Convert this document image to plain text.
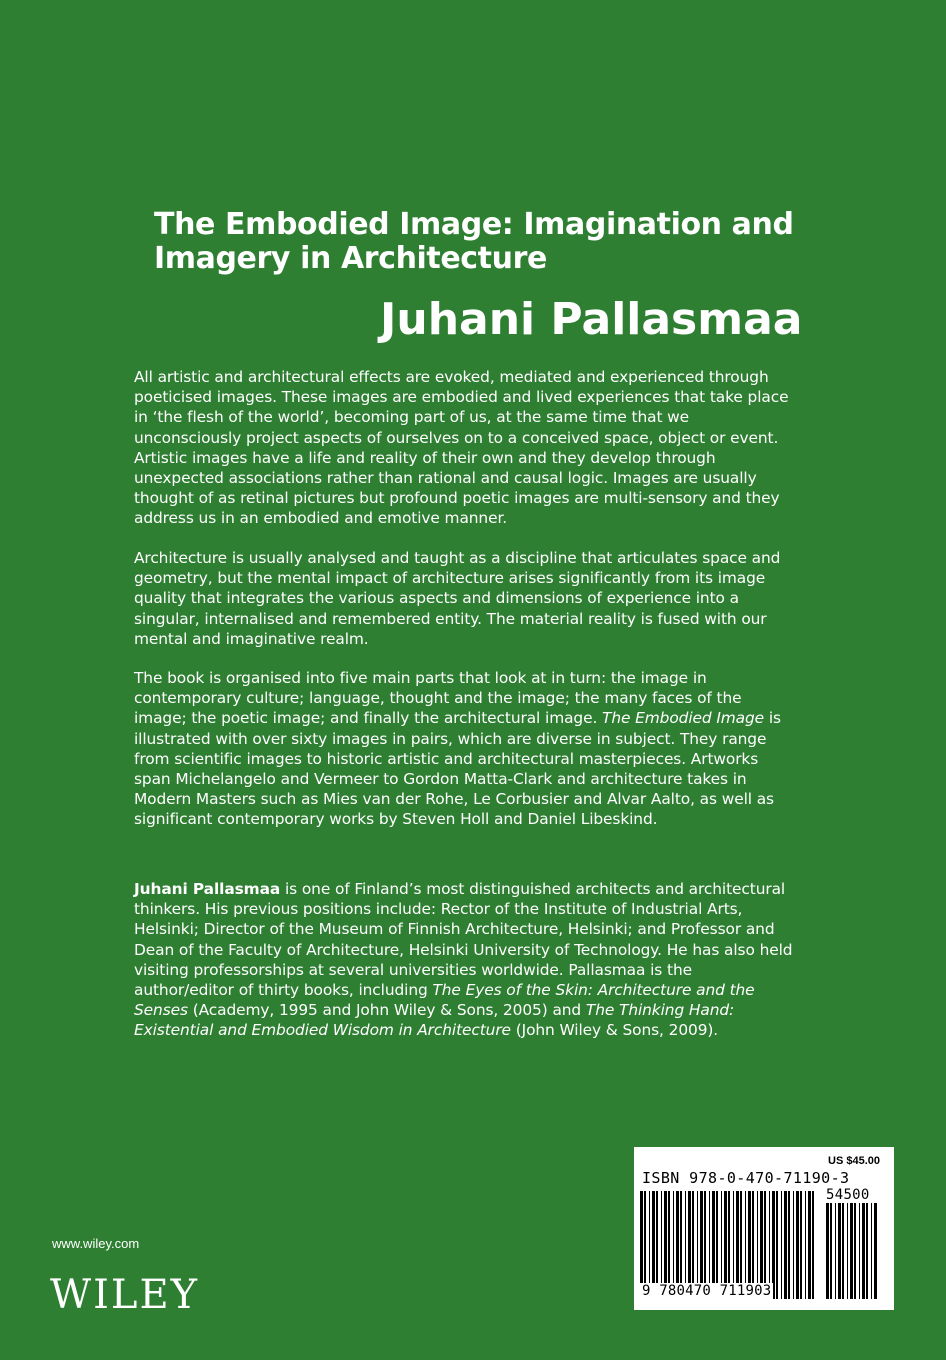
The Embodied Image: Imagination and Imagery in Architecture
Juhani Pallasmaa

All artistic and architectural effects are evoked, mediated and experienced through poeticised images. These images are embodied and lived experiences that take place in ‘the flesh of the world’, becoming part of us, at the same time that we unconsciously project aspects of ourselves on to a conceived space, object or event. Artistic images have a life and reality of their own and they develop through unexpected associations rather than rational and causal logic. Images are usually thought of as retinal pictures but profound poetic images are multi-sensory and they address us in an embodied and emotive manner.

Architecture is usually analysed and taught as a discipline that articulates space and geometry, but the mental impact of architecture arises significantly from its image quality that integrates the various aspects and dimensions of experience into a singular, internalised and remembered entity. The material reality is fused with our mental and imaginative realm.

The book is organised into five main parts that look at in turn: the image in contemporary culture; language, thought and the image; the many faces of the image; the poetic image; and finally the architectural image. The Embodied Image is illustrated with over sixty images in pairs, which are diverse in subject. They range from scientific images to historic artistic and architectural masterpieces. Artworks span Michelangelo and Vermeer to Gordon Matta-Clark and architecture takes in Modern Masters such as Mies van der Rohe, Le Corbusier and Alvar Aalto, as well as significant contemporary works by Steven Holl and Daniel Libeskind.

Juhani Pallasmaa is one of Finland’s most distinguished architects and architectural thinkers. His previous positions include: Rector of the Institute of Industrial Arts, Helsinki; Director of the Museum of Finnish Architecture, Helsinki; and Professor and Dean of the Faculty of Architecture, Helsinki University of Technology. He has also held visiting professorships at several universities worldwide. Pallasmaa is the author/editor of thirty books, including The Eyes of the Skin: Architecture and the Senses (Academy, 1995 and John Wiley & Sons, 2005) and The Thinking Hand: Existential and Embodied Wisdom in Architecture (John Wiley & Sons, 2009).

www.wiley.com
WILEY
US $45.00
ISBN 978-0-470-71190-3
54500
9 780470 711903
